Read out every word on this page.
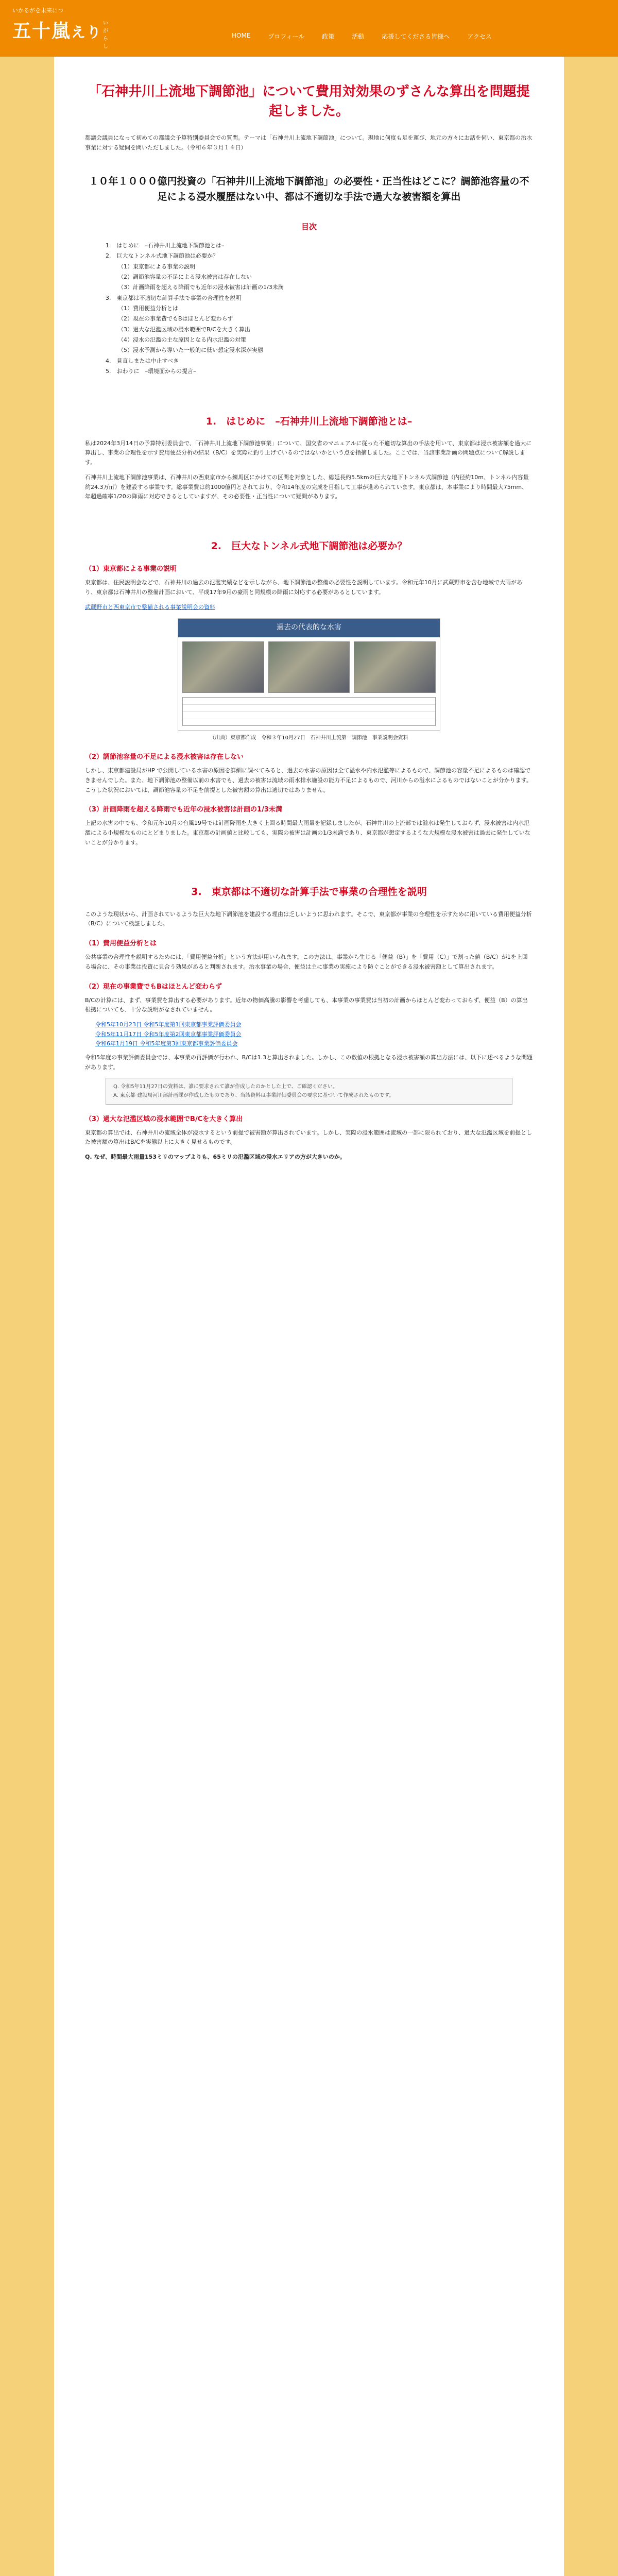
いかるがを未来につ
五十嵐えり
いがらし
HOME	プロフィール	政策	活動	応援してくださる皆様へ	アクセス
「石神井川上流地下調節池」について費用対効果のずさんな算出を問題提起しました。

都議会議員になって初めての都議会予算特別委員会での質問。テーマは「石神井川上流地下調節池」について。現地に何度も足を運び、地元の方々にお話を伺い、東京都の治水事業に対する疑問を問いただしました。（令和６年３月１４日）

１０年１０００億円投資の「石神井川上流地下調節池」の必要性・正当性はどこに？調節池容量の不足による浸水履歴はない中、都は不適切な手法で過大な被害額を算出
目次
1.　はじめに　–石神井川上流地下調節池とは–
2.　巨大なトンネル式地下調節池は必要か？
（1）東京都による事業の説明
（2）調節池容量の不足による浸水被害は存在しない
（3）計画降雨を超える降雨でも近年の浸水被害は計画の1/3未満
3.　東京都は不適切な計算手法で事業の合理性を説明
（1）費用便益分析とは
（2）現在の事業費でもBはほとんど変わらず
（3）過大な氾濫区域の浸水範囲でB/Cを大きく算出
（4）浸水の氾濫の主な原因となる内水氾濫の対策
（5）浸水予測から導いた一般的に低い想定浸水深が実態
4.　見直しまたは中止すべき
5.　おわりに　–環境面からの提言–
1.　はじめに　–石神井川上流地下調節池とは–

私は2024年3月14日の予算特別委員会で、「石神井川上流地下調節池事業」について、国交省のマニュアルに従った不適切な算出の手法を用いて、東京都は浸水被害額を過大に算出し、事業の合理性を示す費用便益分析の結果（B/C）を実際に釣り上げているのではないかという点を指摘しました。ここでは、当該事業計画の問題点について解説します。

石神井川上流地下調節池事業は、石神井川の西東京市から練馬区にかけての区間を対象とした、総延長約5.5kmの巨大な地下トンネル式調節池（内径約10m、トンネル内容量約24.3万㎥）を建設する事業です。総事業費は約1000億円とされており、令和14年度の完成を目指して工事が進められています。東京都は、本事業により時間最大75mm、年超過確率1/20の降雨に対応できるとしていますが、その必要性・正当性について疑問があります。

2.　巨大なトンネル式地下調節池は必要か？
（1）東京都による事業の説明

東京都は、住民説明会などで、石神井川の過去の氾濫実績などを示しながら、地下調節池の整備の必要性を説明しています。令和元年10月に武蔵野市を含む地域で大雨があり、東京都は石神井川の整備計画において、平成17年9月の豪雨と同規模の降雨に対応する必要があるとしています。

武蔵野市と西東京市で整備される事業説明会の資料
過去の代表的な水害
（出典）東京都作成　令和３年10月27日　石神井川上流第一調節池　事業説明会資料
（2）調節池容量の不足による浸水被害は存在しない

しかし、東京都建設局がHP で公開している水害の原因を詳細に調べてみると、過去の水害の原因は全て溢水や内水氾濫等によるもので、調節池の容量不足によるものは確認できませんでした。また、地下調節池の整備以前の水害でも、過去の被害は流域の雨水排水施設の能力不足によるもので、河川からの溢水によるものではないことが分かります。こうした状況においては、調節池容量の不足を前提とした被害額の算出は適切ではありません。

（3）計画降雨を超える降雨でも近年の浸水被害は計画の1/3未満

上記の水害の中でも、令和元年10月の台風19号では計画降雨を大きく上回る時間最大雨量を記録しましたが、石神井川の上流部では溢水は発生しておらず、浸水被害は内水氾濫による小規模なものにとどまりました。東京都の計画値と比較しても、実際の被害は計画の1/3未満であり、東京都が想定するような大規模な浸水被害は過去に発生していないことが分かります。

3.　東京都は不適切な計算手法で事業の合理性を説明

このような現状から、計画されているような巨大な地下調節池を建設する理由は乏しいように思われます。そこで、東京都が事業の合理性を示すために用いている費用便益分析（B/C）について検証しました。

（1）費用便益分析とは

公共事業の合理性を説明するためには、「費用便益分析」という方法が用いられます。この方法は、事業から生じる「便益（B）」を「費用（C）」で割った値（B/C）が1を上回る場合に、その事業は投資に見合う効果があると判断されます。治水事業の場合、便益は主に事業の実施により防ぐことができる浸水被害額として算出されます。

（2）現在の事業費でもBはほとんど変わらず

B/Cの計算には、まず、事業費を算出する必要があります。近年の物価高騰の影響を考慮しても、本事業の事業費は当初の計画からほとんど変わっておらず、便益（B）の算出根拠についても、十分な説明がなされていません。

令和5年10月23日 令和5年度第1回東京都事業評価委員会
令和5年11月17日 令和5年度第2回東京都事業評価委員会
令和6年1月19日 令和5年度第3回東京都事業評価委員会

令和5年度の事業評価委員会では、本事業の再評価が行われ、B/Cは1.3と算出されました。しかし、この数値の根拠となる浸水被害額の算出方法には、以下に述べるような問題があります。

Q. 令和5年11月27日の資料は、誰に要求されて誰が作成したのかとした上で、ご確認ください。
A. 東京都 建設局河川部計画課が作成したものであり、当該資料は事業評価委員会の要求に基づいて作成されたものです。
（3）過大な氾濫区域の浸水範囲でB/Cを大きく算出

東京都の算出では、石神井川の流域全体が浸水するという前提で被害額が算出されています。しかし、実際の浸水範囲は流域の一部に限られており、過大な氾濫区域を前提とした被害額の算出はB/Cを実態以上に大きく見せるものです。

Q. なぜ、時間最大雨量153ミリのマップよりも、65ミリの氾濫区域の浸水エリアの方が大きいのか。
